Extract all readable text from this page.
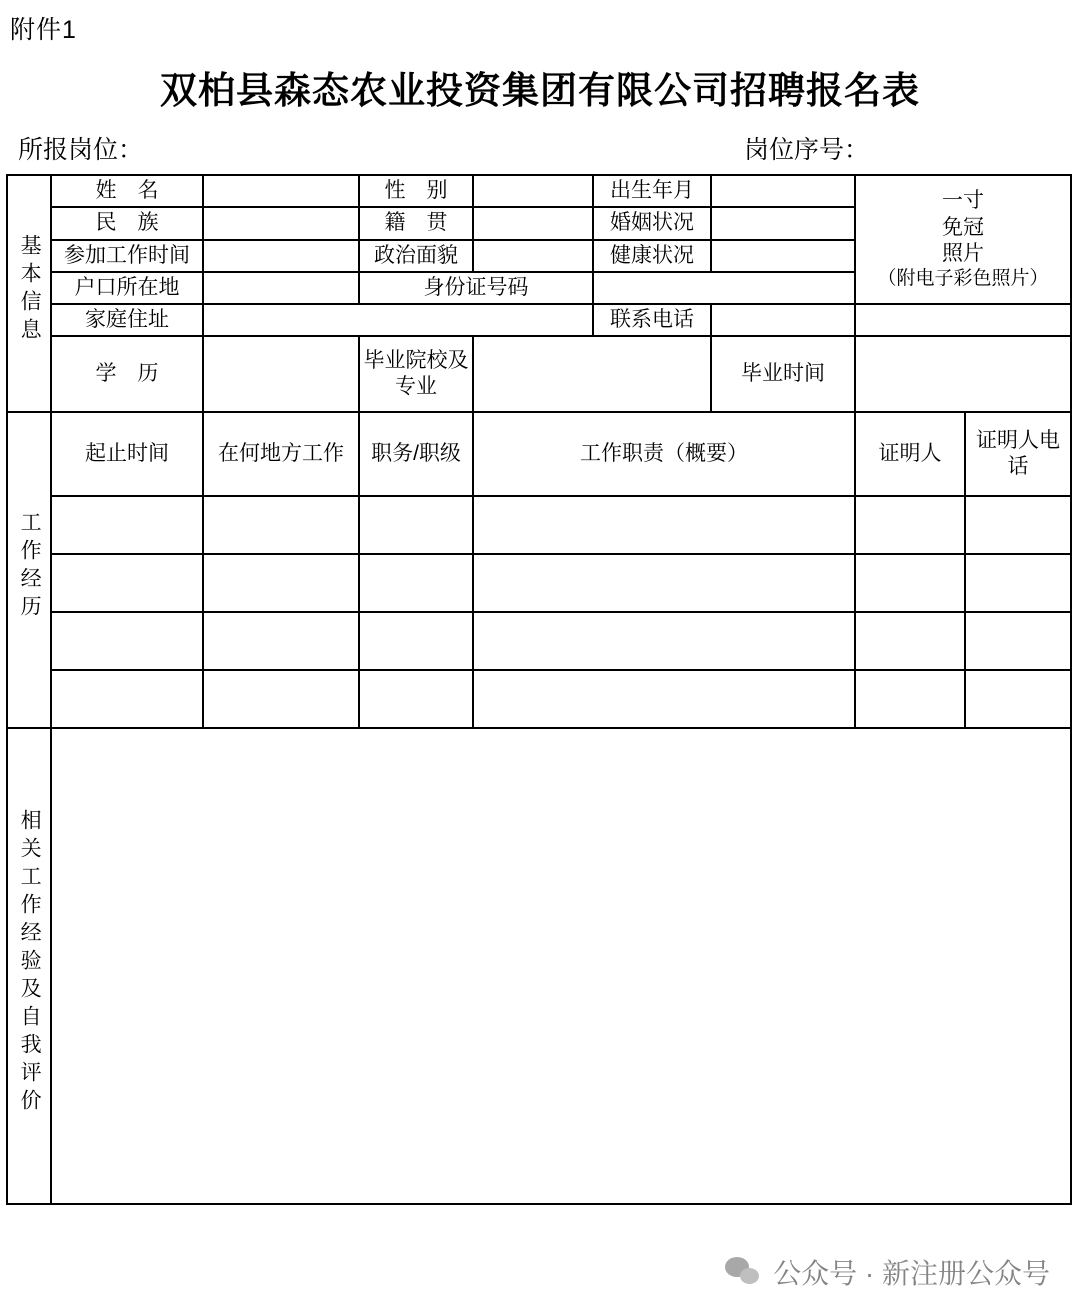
附件1
双柏县森态农业投资集团有限公司招聘报名表
所报岗位：	岗位序号：
基本信息	姓　名		性　别		出生年月		一寸
免冠
照片
（附电子彩色照片）	

	民　族		籍　贯		婚姻状况			
	参加工作时间		政治面貌		健康状况			
	户口所在地		身份证号码					
	家庭住址				联系电话			
	学　历		毕业院校及专业			毕业时间		
工作经历	起止时间	在何地方工作	职务/职级	工作职责（概要）			证明人	证明人电话

相关工作经验及自我评价								
公众号 · 新注册公众号
